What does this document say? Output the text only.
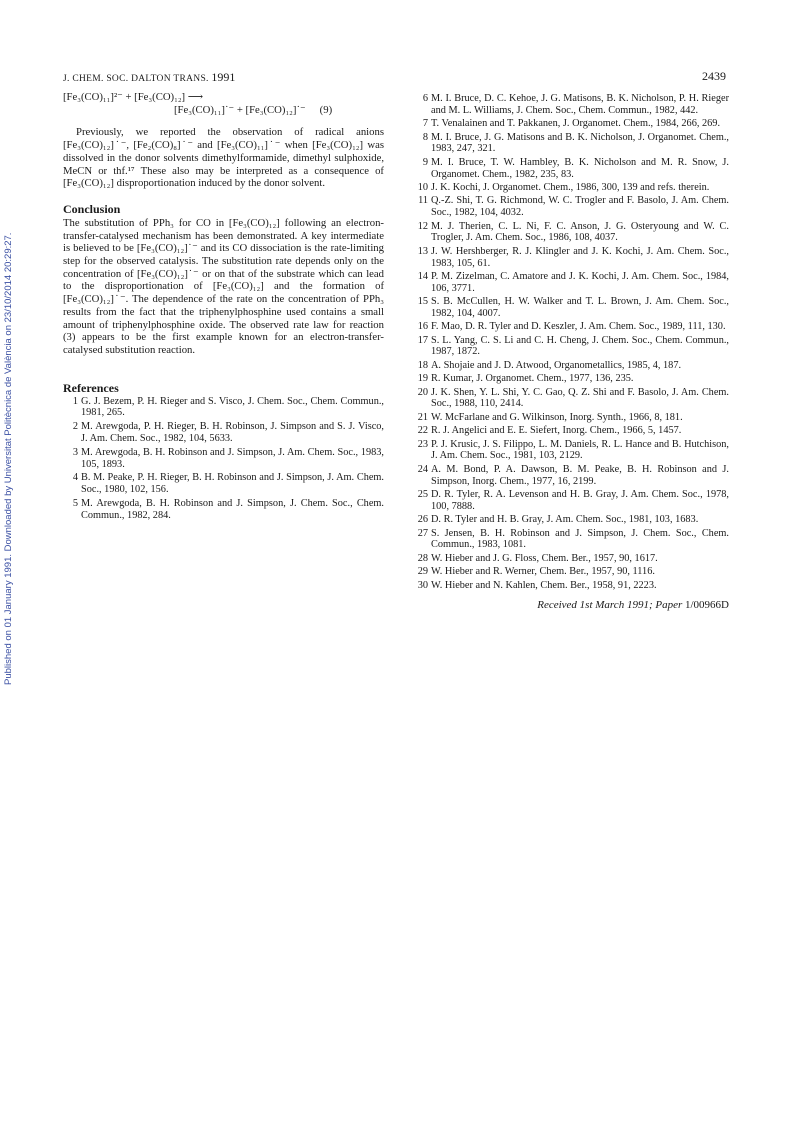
Published on 01 January 1991. Downloaded by Universitat Politècnica de València on 23/10/2014 20:29:27.
J. CHEM. SOC. DALTON TRANS. 1991	2439
[Fe₃(CO)₁₁]²⁻ + [Fe₃(CO)₁₂] ⟶
[Fe₃(CO)₁₁]˙⁻ + [Fe₃(CO)₁₂]˙⁻ (9)

Previously, we reported the observation of radical anions [Fe₃(CO)₁₂]˙⁻, [Fe₂(CO)₈]˙⁻ and [Fe₃(CO)₁₁]˙⁻ when [Fe₃(CO)₁₂] was dissolved in the donor solvents dimethylformamide, dimethyl sulphoxide, MeCN or thf.¹⁷ These also may be interpreted as a consequence of [Fe₃(CO)₁₂] disproportionation induced by the donor solvent.

Conclusion

The substitution of PPh₃ for CO in [Fe₃(CO)₁₂] following an electron-transfer-catalysed mechanism has been demonstrated. A key intermediate is believed to be [Fe₃(CO)₁₂]˙⁻ and its CO dissociation is the rate-limiting step for the observed catalysis. The substitution rate depends only on the concentration of [Fe₃(CO)₁₂]˙⁻ or on that of the substrate which can lead to the disproportionation of [Fe₃(CO)₁₂] and the formation of [Fe₃(CO)₁₂]˙⁻. The dependence of the rate on the concentration of PPh₃ results from the fact that the triphenylphosphine used contains a small amount of triphenylphosphine oxide. The observed rate law for reaction (3) appears to be the first example known for an electron-transfer-catalysed substitution reaction.

References
1 G. J. Bezem, P. H. Rieger and S. Visco, J. Chem. Soc., Chem. Commun., 1981, 265.
2 M. Arewgoda, P. H. Rieger, B. H. Robinson, J. Simpson and S. J. Visco, J. Am. Chem. Soc., 1982, 104, 5633.
3 M. Arewgoda, B. H. Robinson and J. Simpson, J. Am. Chem. Soc., 1983, 105, 1893.
4 B. M. Peake, P. H. Rieger, B. H. Robinson and J. Simpson, J. Am. Chem. Soc., 1980, 102, 156.
5 M. Arewgoda, B. H. Robinson and J. Simpson, J. Chem. Soc., Chem. Commun., 1982, 284.
6 M. I. Bruce, D. C. Kehoe, J. G. Matisons, B. K. Nicholson, P. H. Rieger and M. L. Williams, J. Chem. Soc., Chem. Commun., 1982, 442.
7 T. Venalainen and T. Pakkanen, J. Organomet. Chem., 1984, 266, 269.
8 M. I. Bruce, J. G. Matisons and B. K. Nicholson, J. Organomet. Chem., 1983, 247, 321.
9 M. I. Bruce, T. W. Hambley, B. K. Nicholson and M. R. Snow, J. Organomet. Chem., 1982, 235, 83.
10 J. K. Kochi, J. Organomet. Chem., 1986, 300, 139 and refs. therein.
11 Q.-Z. Shi, T. G. Richmond, W. C. Trogler and F. Basolo, J. Am. Chem. Soc., 1982, 104, 4032.
12 M. J. Therien, C. L. Ni, F. C. Anson, J. G. Osteryoung and W. C. Trogler, J. Am. Chem. Soc., 1986, 108, 4037.
13 J. W. Hershberger, R. J. Klingler and J. K. Kochi, J. Am. Chem. Soc., 1983, 105, 61.
14 P. M. Zizelman, C. Amatore and J. K. Kochi, J. Am. Chem. Soc., 1984, 106, 3771.
15 S. B. McCullen, H. W. Walker and T. L. Brown, J. Am. Chem. Soc., 1982, 104, 4007.
16 F. Mao, D. R. Tyler and D. Keszler, J. Am. Chem. Soc., 1989, 111, 130.
17 S. L. Yang, C. S. Li and C. H. Cheng, J. Chem. Soc., Chem. Commun., 1987, 1872.
18 A. Shojaie and J. D. Atwood, Organometallics, 1985, 4, 187.
19 R. Kumar, J. Organomet. Chem., 1977, 136, 235.
20 J. K. Shen, Y. L. Shi, Y. C. Gao, Q. Z. Shi and F. Basolo, J. Am. Chem. Soc., 1988, 110, 2414.
21 W. McFarlane and G. Wilkinson, Inorg. Synth., 1966, 8, 181.
22 R. J. Angelici and E. E. Siefert, Inorg. Chem., 1966, 5, 1457.
23 P. J. Krusic, J. S. Filippo, L. M. Daniels, R. L. Hance and B. Hutchison, J. Am. Chem. Soc., 1981, 103, 2129.
24 A. M. Bond, P. A. Dawson, B. M. Peake, B. H. Robinson and J. Simpson, Inorg. Chem., 1977, 16, 2199.
25 D. R. Tyler, R. A. Levenson and H. B. Gray, J. Am. Chem. Soc., 1978, 100, 7888.
26 D. R. Tyler and H. B. Gray, J. Am. Chem. Soc., 1981, 103, 1683.
27 S. Jensen, B. H. Robinson and J. Simpson, J. Chem. Soc., Chem. Commun., 1983, 1081.
28 W. Hieber and J. G. Floss, Chem. Ber., 1957, 90, 1617.
29 W. Hieber and R. Werner, Chem. Ber., 1957, 90, 1116.
30 W. Hieber and N. Kahlen, Chem. Ber., 1958, 91, 2223.
Received 1st March 1991; Paper 1/00966D
